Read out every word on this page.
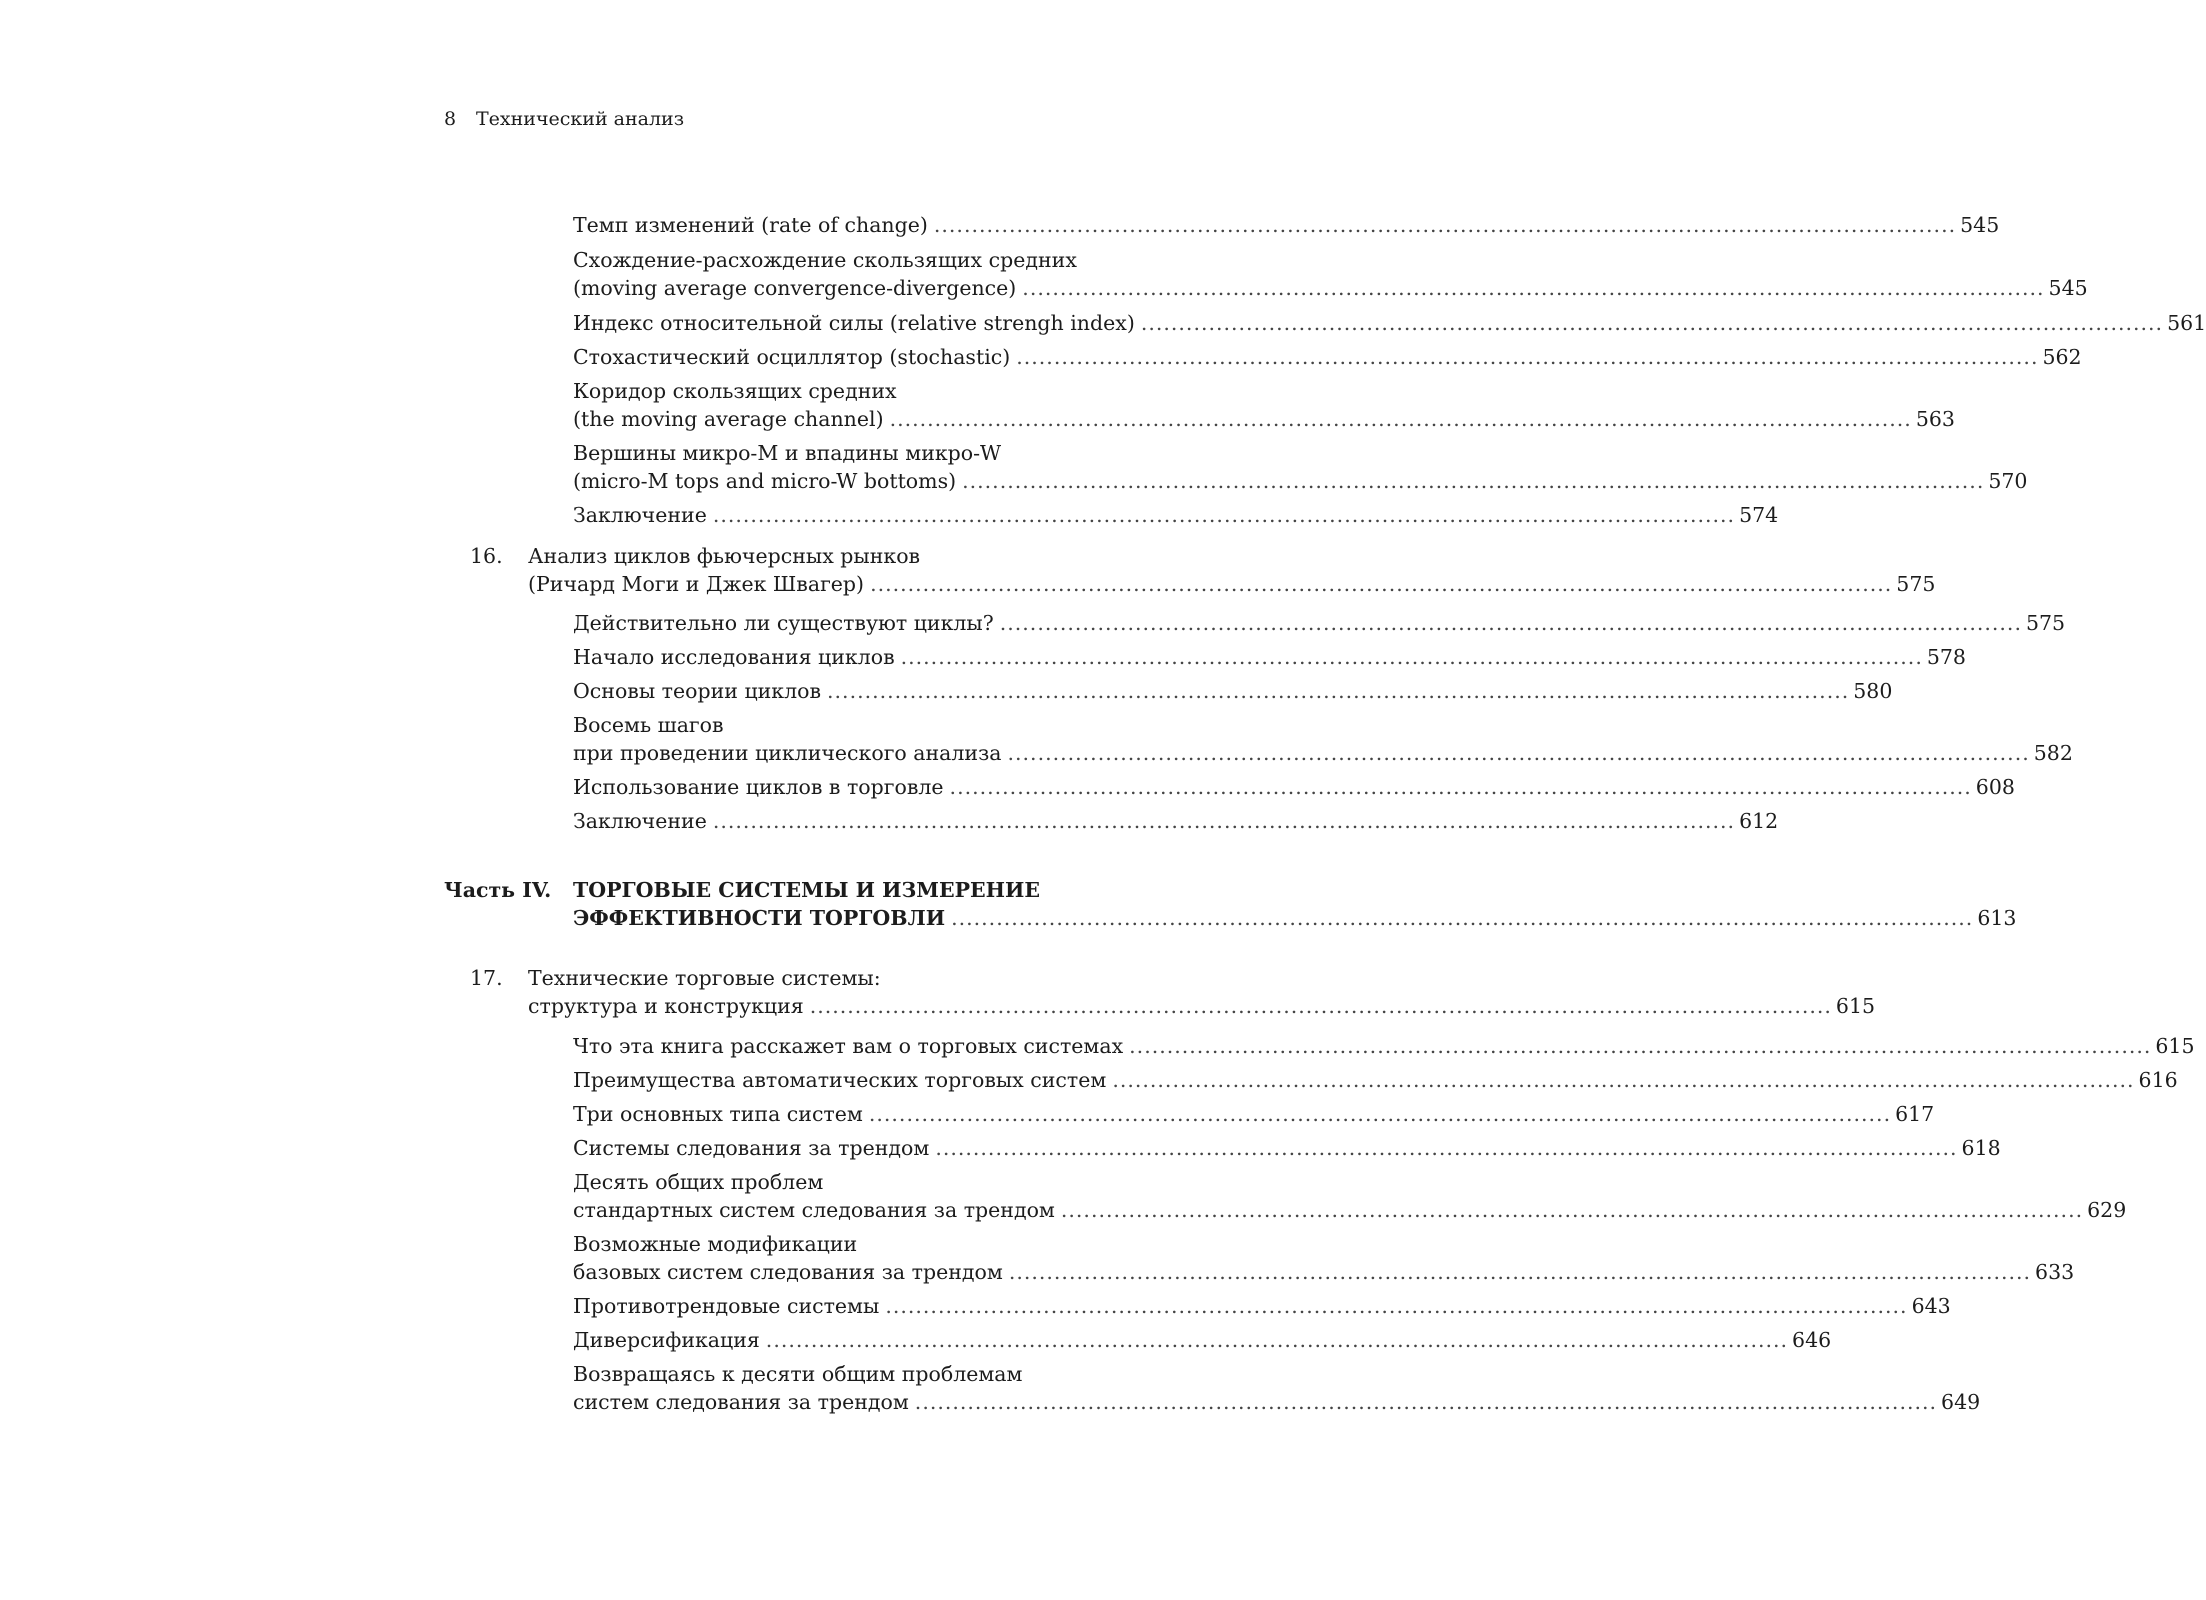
8 Технический анализ
Темп изменений (rate of change) ........................................................................................................................................ 545
Схождение-расхождение скользящих средних
(moving average convergence-divergence) ........................................................................................................................................ 545
Индекс относительной силы (relative strengh index) ........................................................................................................................................ 561
Стохастический осциллятор (stochastic) ........................................................................................................................................ 562
Коридор скользящих средних
(the moving average channel) ........................................................................................................................................ 563
Вершины микро-M и впадины микро-W
(micro-M tops and micro-W bottoms) ........................................................................................................................................ 570
Заключение ........................................................................................................................................ 574
16. Анализ циклов фьючерсных рынков
(Ричард Моги и Джек Швагер) ........................................................................................................................................ 575
Действительно ли существуют циклы? ........................................................................................................................................ 575
Начало исследования циклов ........................................................................................................................................ 578
Основы теории циклов ........................................................................................................................................ 580
Восемь шагов
при проведении циклического анализа ........................................................................................................................................ 582
Использование циклов в торговле ........................................................................................................................................ 608
Заключение ........................................................................................................................................ 612
Часть IV. ТОРГОВЫЕ СИСТЕМЫ И ИЗМЕРЕНИЕ
ЭФФЕКТИВНОСТИ ТОРГОВЛИ ........................................................................................................................................ 613
17. Технические торговые системы:
структура и конструкция ........................................................................................................................................ 615
Что эта книга расскажет вам о торговых системах ........................................................................................................................................ 615
Преимущества автоматических торговых систем ........................................................................................................................................ 616
Три основных типа систем ........................................................................................................................................ 617
Системы следования за трендом ........................................................................................................................................ 618
Десять общих проблем
стандартных систем следования за трендом ........................................................................................................................................ 629
Возможные модификации
базовых систем следования за трендом ........................................................................................................................................ 633
Противотрендовые системы ........................................................................................................................................ 643
Диверсификация ........................................................................................................................................ 646
Возвращаясь к десяти общим проблемам
систем следования за трендом ........................................................................................................................................ 649
